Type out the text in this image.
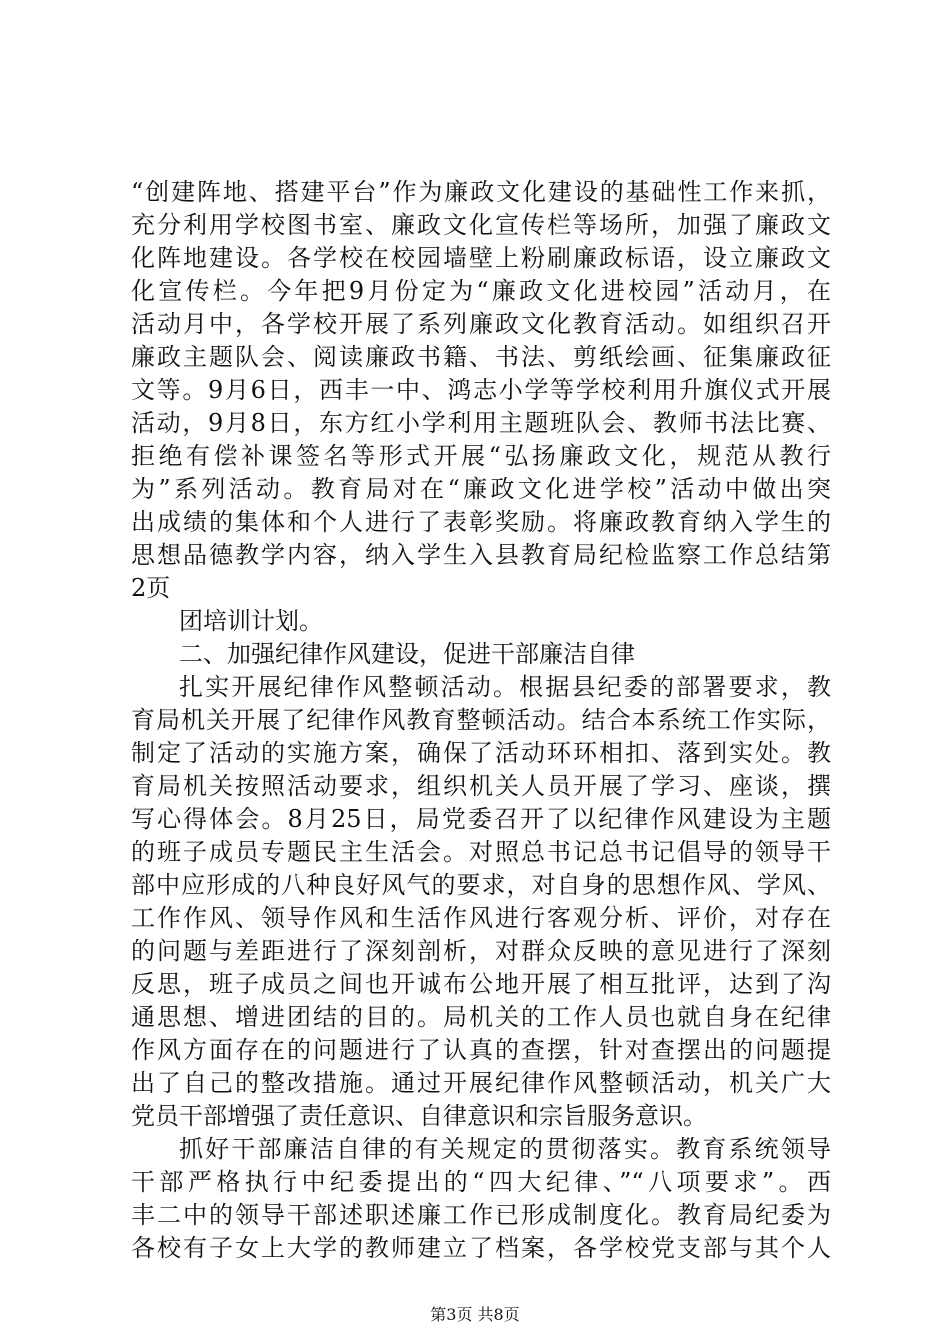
“创建阵地、搭建平台”作为廉政文化建设的基础性工作来抓，
充分利用学校图书室、廉政文化宣传栏等场所，加强了廉政文
化阵地建设。各学校在校园墙壁上粉刷廉政标语，设立廉政文
化宣传栏。今年把9月份定为“廉政文化进校园”活动月，在
活动月中，各学校开展了系列廉政文化教育活动。如组织召开
廉政主题队会、阅读廉政书籍、书法、剪纸绘画、征集廉政征
文等。9月6日，西丰一中、鸿志小学等学校利用升旗仪式开展
活动，9月8日，东方红小学利用主题班队会、教师书法比赛、
拒绝有偿补课签名等形式开展“弘扬廉政文化，规范从教行
为”系列活动。教育局对在“廉政文化进学校”活动中做出突
出成绩的集体和个人进行了表彰奖励。将廉政教育纳入学生的
思想品德教学内容，纳入学生入县教育局纪检监察工作总结第
2页
团培训计划。
二、加强纪律作风建设，促进干部廉洁自律
扎实开展纪律作风整顿活动。根据县纪委的部署要求，教
育局机关开展了纪律作风教育整顿活动。结合本系统工作实际，
制定了活动的实施方案，确保了活动环环相扣、落到实处。教
育局机关按照活动要求，组织机关人员开展了学习、座谈，撰
写心得体会。8月25日，局党委召开了以纪律作风建设为主题
的班子成员专题民主生活会。对照总书记总书记倡导的领导干
部中应形成的八种良好风气的要求，对自身的思想作风、学风、
工作作风、领导作风和生活作风进行客观分析、评价，对存在
的问题与差距进行了深刻剖析，对群众反映的意见进行了深刻
反思，班子成员之间也开诚布公地开展了相互批评，达到了沟
通思想、增进团结的目的。局机关的工作人员也就自身在纪律
作风方面存在的问题进行了认真的查摆，针对查摆出的问题提
出了自己的整改措施。通过开展纪律作风整顿活动，机关广大
党员干部增强了责任意识、自律意识和宗旨服务意识。
抓好干部廉洁自律的有关规定的贯彻落实。教育系统领导
干部严格执行中纪委提出的“四大纪律、”“八项要求”。西
丰二中的领导干部述职述廉工作已形成制度化。教育局纪委为
各校有子女上大学的教师建立了档案，各学校党支部与其个人
第3页 共8页
